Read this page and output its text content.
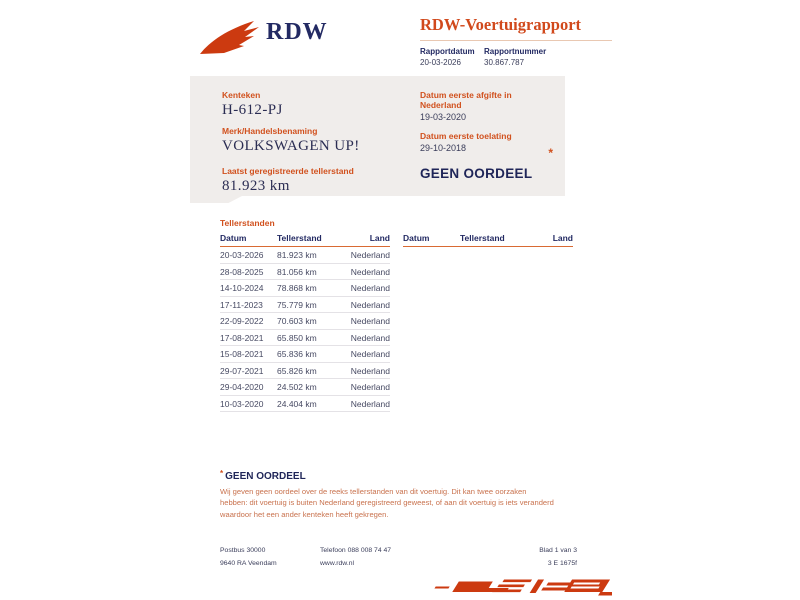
RDW	RDW-Voertuigrapport
Rapportdatum
20-03-2026
Rapportnummer
30.867.787
Kenteken
H-612-PJ
Merk/Handelsbenaming
VOLKSWAGEN UP!
Laatst geregistreerde tellerstand
81.923 km
Datum eerste afgifte in Nederland
19-03-2020
Datum eerste toelating
29-10-2018
GEEN OORDEEL
*
Tellerstanden
Datum	Tellerstand	Land
20-03-2026	81.923 km	Nederland
28-08-2025	81.056 km	Nederland
14-10-2024	78.868 km	Nederland
17-11-2023	75.779 km	Nederland
22-09-2022	70.603 km	Nederland
17-08-2021	65.850 km	Nederland
15-08-2021	65.836 km	Nederland
29-07-2021	65.826 km	Nederland
29-04-2020	24.502 km	Nederland
10-03-2020	24.404 km	Nederland
Datum	Tellerstand	Land
* GEEN OORDEEL
Wij geven geen oordeel over de reeks tellerstanden van dit voertuig. Dit kan twee oorzaken hebben: dit voertuig is buiten Nederland geregistreerd geweest, of aan dit voertuig is iets veranderd waardoor het een ander kenteken heeft gekregen.
Postbus 30000
9640 RA Veendam
Telefoon 088 008 74 47
www.rdw.nl
Blad 1 van 3
3 E 1675f
